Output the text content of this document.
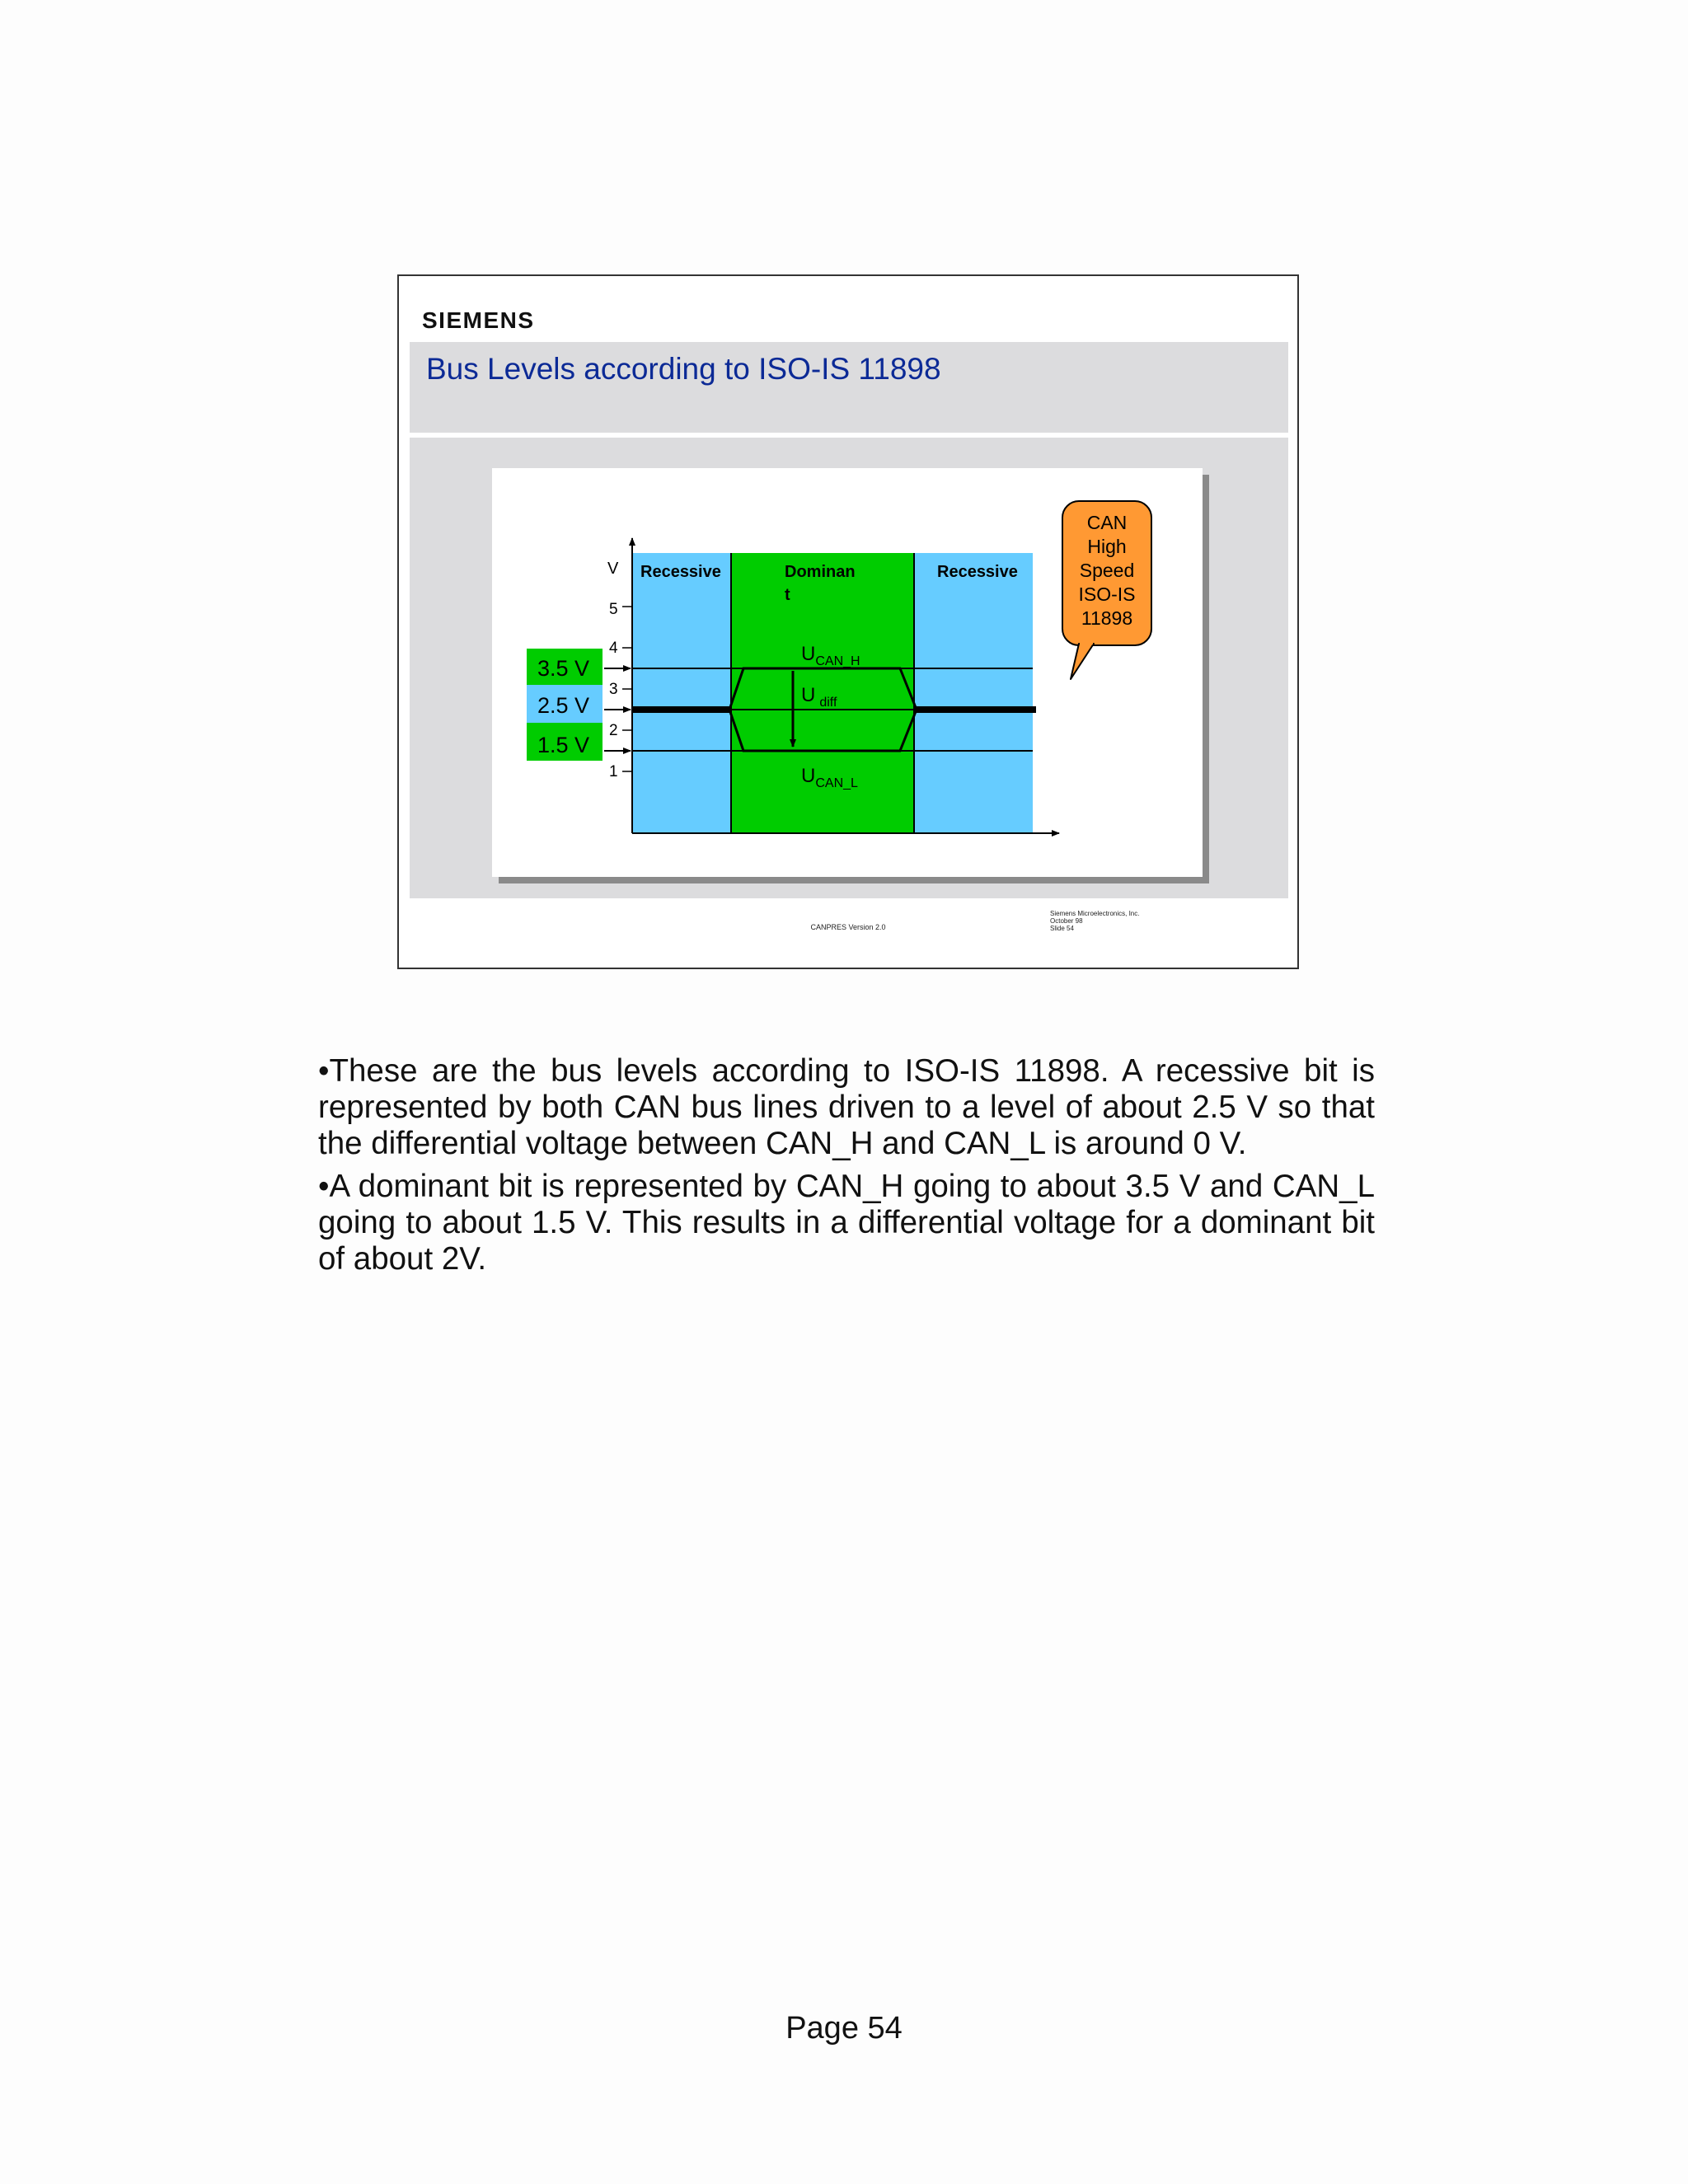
SIEMENS
Bus Levels according to ISO-IS 11898
Recessive	Dominan
t
Recessive
V
5
4
3
2
1
3.5 V
2.5 V
1.5 V
$U_{CAN\_H}$
U $_{diff}$
$U_{CAN\_L}$
CAN
High
Speed
ISO-IS
11898
CANPRES Version 2.0
Siemens Microelectronics, Inc.
October 98
Slide 54

•These are the bus levels according to ISO-IS 11898. A recessive bit is represented by both CAN bus lines driven to a level of about 2.5 V so that the differential voltage between CAN_H and CAN_L is around 0 V.

•A dominant bit is represented by CAN_H going to about 3.5 V and CAN_L going to about 1.5 V. This results in a differential voltage for a dominant bit of about 2V.

Page 54
